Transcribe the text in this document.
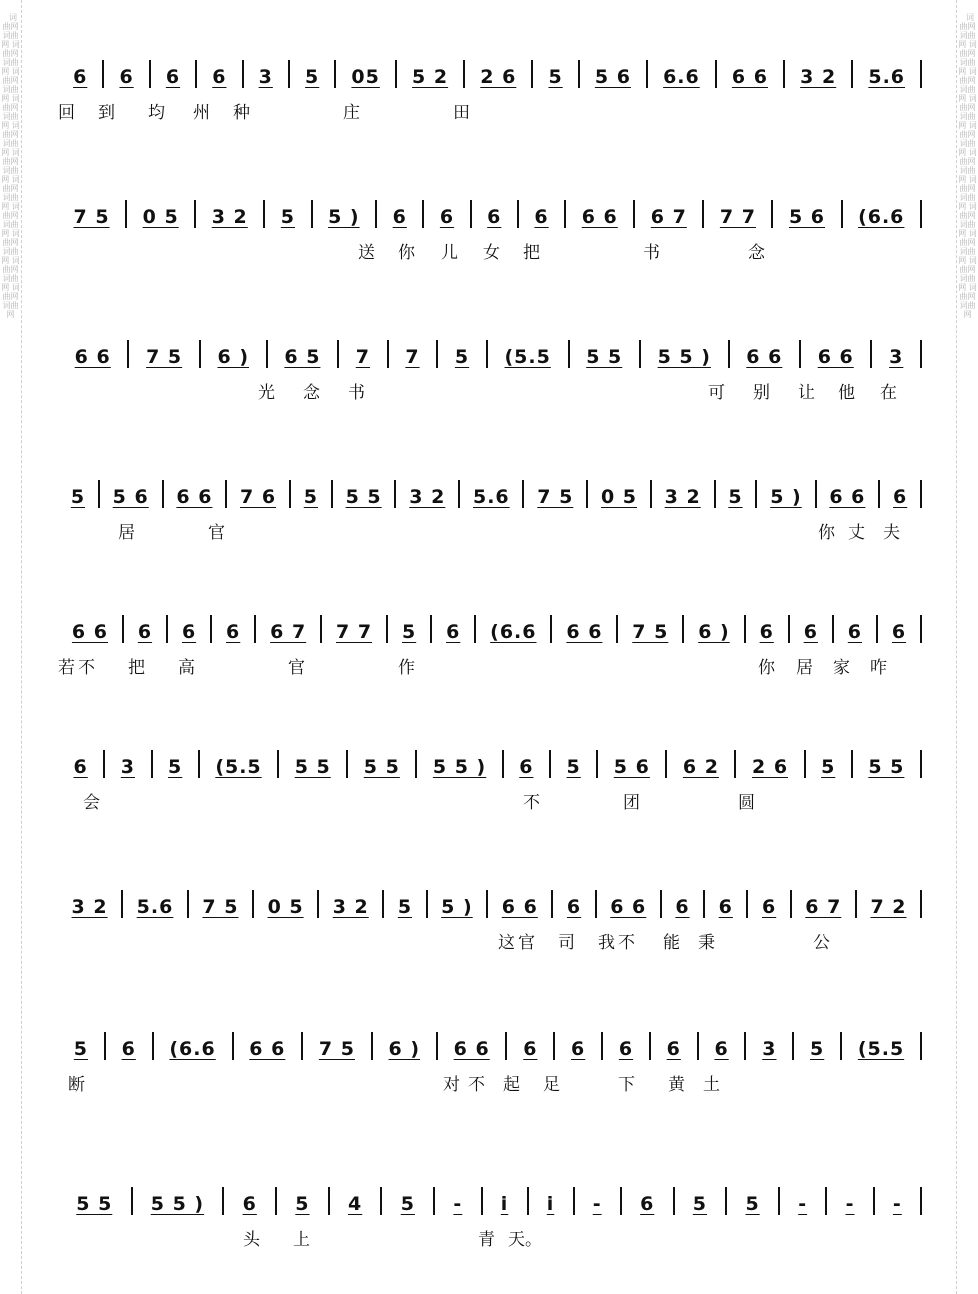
词曲网 词曲网 词曲网 词曲网 词曲网 词曲网 词曲网 词曲网 词曲网 词曲网 词曲网 词曲网 词曲网 词曲网 词曲网 词曲网 词曲网 词曲网 词曲网 词曲网 词曲网 词曲网

词曲网 词曲网 词曲网 词曲网 词曲网 词曲网 词曲网 词曲网 词曲网 词曲网 词曲网 词曲网 词曲网 词曲网 词曲网 词曲网 词曲网 词曲网 词曲网 词曲网 词曲网 词曲网

6 6 6 6 3 5 05 5 2 2 6 5 5 6 6.6 6 6 3 2 5.6
回 到 均 州 种	庄	田
7 5 0 5 3 2 5 5 ) 6 6 6 6 6 6 6 7 7 7 5 6 (6.6
送 你 儿 女 把	书	念
6 6 7 5 6 ) 6 5 7 7 5 (5.5 5 5 5 5 ) 6 6 6 6 3
光 念 书	可 别 让 他 在
5 5 6 6 6 7 6 5 5 5 3 2 5.6 7 5 0 5 3 2 5 5 ) 6 6 6
居	官	你 丈 夫
6 6 6 6 6 6 7 7 7 5 6 (6.6 6 6 7 5 6 ) 6 6 6 6
若 不 把 高	官	作	你 居 家 咋
6 3 5 (5.5 5 5 5 5 5 5 ) 6 5 5 6 6 2 2 6 5 5 5
会	不	团	圆
3 2 5.6 7 5 0 5 3 2 5 5 ) 6 6 6 6 6 6 6 6 6 7 7 2
这 官 司 我 不 能 秉	公
5 6 (6.6 6 6 7 5 6 ) 6 6 6 6 6 6 6 3 5 (5.5
断	对 不 起 足	下 黄 土
5 5 5 5 ) 6 5 4 5 - i i - 6 5 5 - - -
头 上	青 天。
